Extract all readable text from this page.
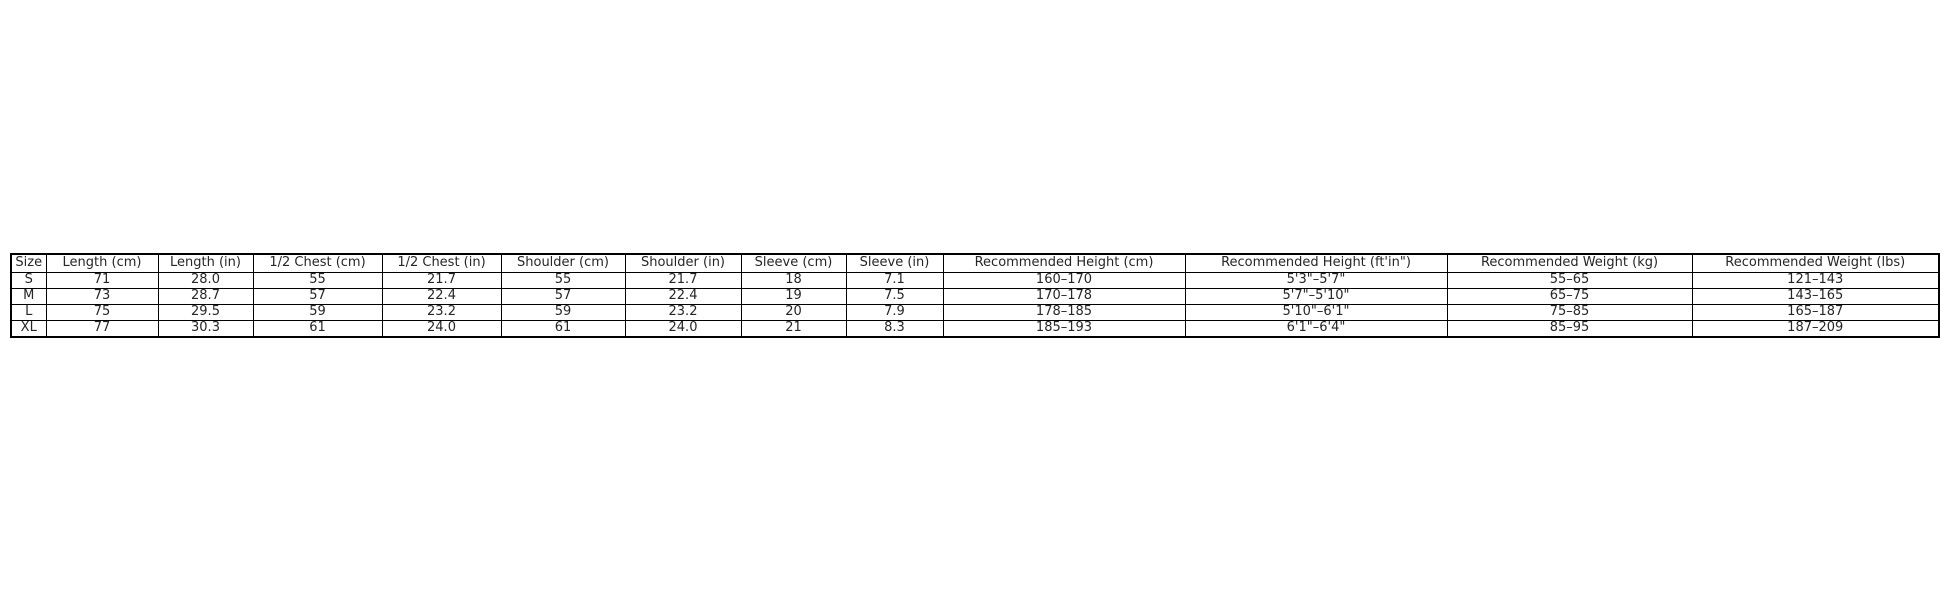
Size	Length (cm)	Length (in)	1/2 Chest (cm)	1/2 Chest (in)	Shoulder (cm)	Shoulder (in)	Sleeve (cm)	Sleeve (in)	Recommended Height (cm)	Recommended Height (ft'in")	Recommended Weight (kg)	Recommended Weight (lbs)
S	71	28.0	55	21.7	55	21.7	18	7.1	160–170	5'3"–5'7"	55–65	121–143
M	73	28.7	57	22.4	57	22.4	19	7.5	170–178	5'7"–5'10"	65–75	143–165
L	75	29.5	59	23.2	59	23.2	20	7.9	178–185	5'10"–6'1"	75–85	165–187
XL	77	30.3	61	24.0	61	24.0	21	8.3	185–193	6'1"–6'4"	85–95	187–209
